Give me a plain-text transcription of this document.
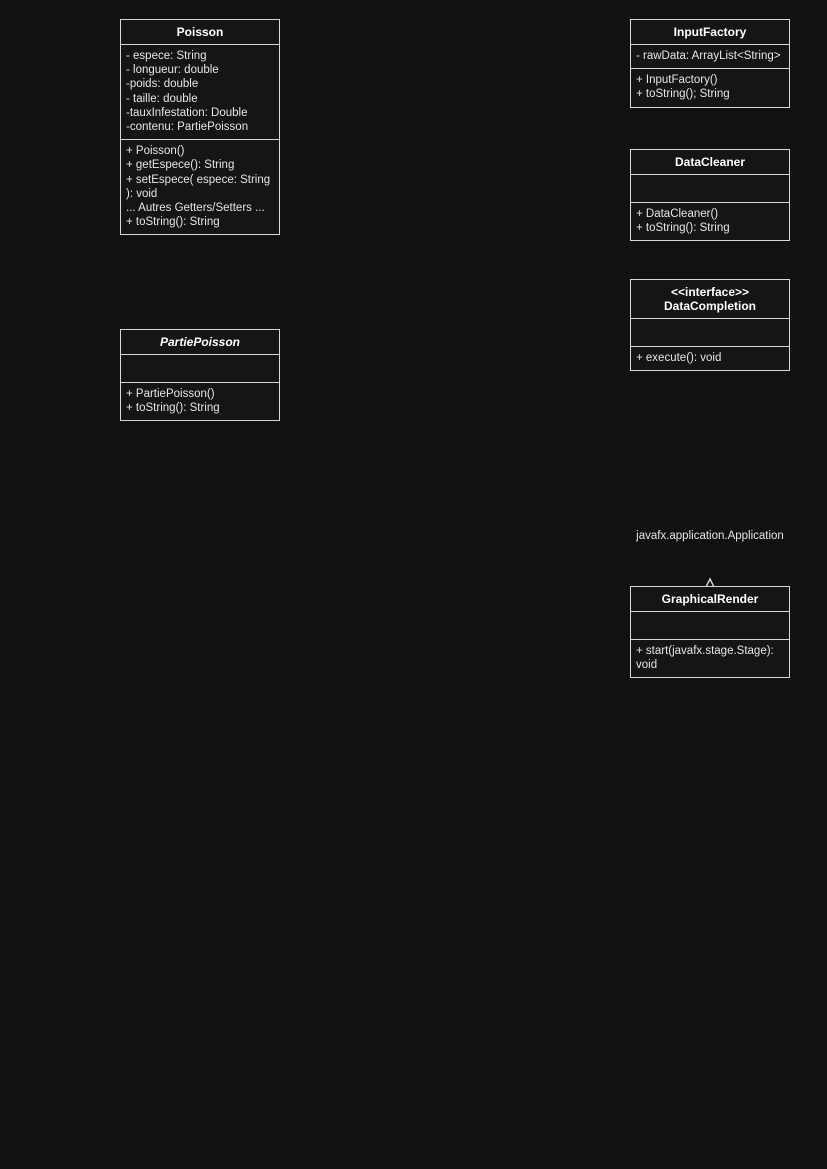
Poisson
- espece: String
- longueur: double
-poids: double
- taille: double
-tauxInfestation: Double
-contenu: PartiePoisson
+ Poisson()
+ getEspece(): String
+ setEspece( espece: String ): void
... Autres Getters/Setters ...
+ toString(): String
PartiePoisson
+ PartiePoisson()
+ toString(): String
InputFactory
- rawData: ArrayList<String>
+ InputFactory()
+ toString(); String
DataCleaner
+ DataCleaner()
+ toString(): String
<<interface>>
DataCompletion
+ execute(): void
javafx.application.Application
GraphicalRender
+ start(javafx.stage.Stage): void
